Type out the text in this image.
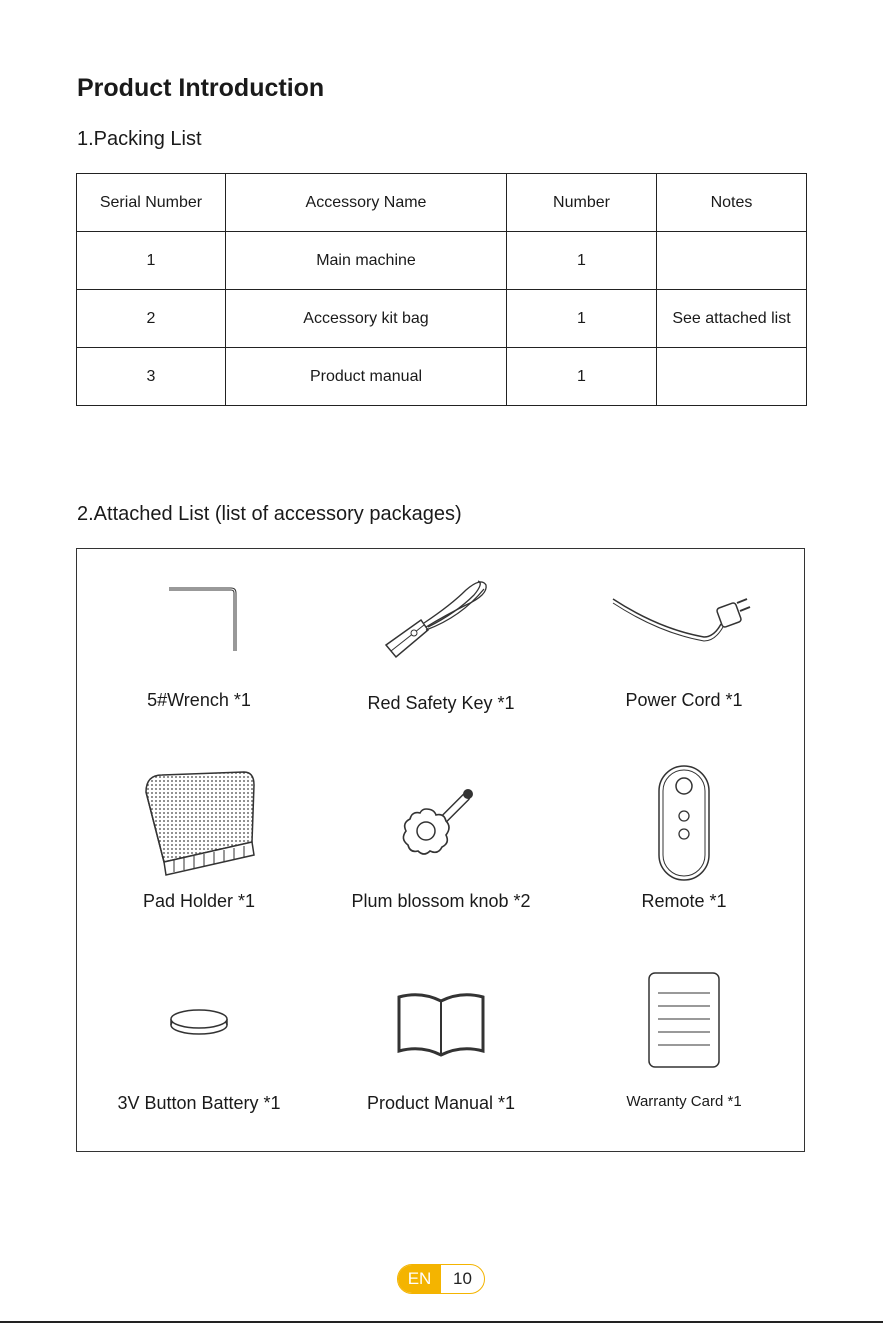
Product Introduction
1.Packing List
Serial Number	Accessory Name	Number	Notes
1	Main machine	1	
2	Accessory kit bag	1	See attached list
3	Product manual	1	
2.Attached List (list of accessory packages)
5#Wrench *1	Red Safety Key *1	Power Cord *1
Pad Holder *1	Plum blossom knob *2	Remote *1
3V Button Battery *1	Product Manual *1	Warranty Card *1
EN	10
